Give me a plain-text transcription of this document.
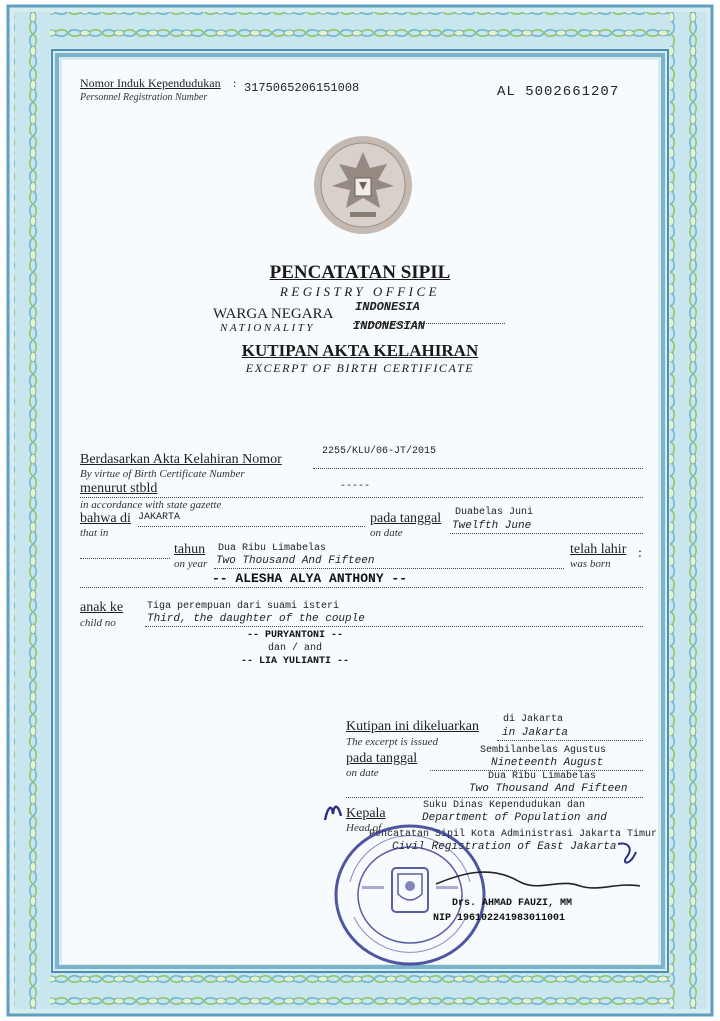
Nomor Induk Kependudukan :
Personnel Registration Number
3175065206151008	AL 5002661207
PENCATATAN SIPIL
REGISTRY OFFICE
WARGA NEGARA INDONESIA
NATIONALITY	INDONESIAN
KUTIPAN AKTA KELAHIRAN
EXCERPT OF BIRTH CERTIFICATE
Berdasarkan Akta Kelahiran Nomor
2255/KLU/06-JT/2015
By virtue of Birth Certificate Number
menurut stbld	-----
in accordance with state gazette
bahwa di JAKARTA
that in
pada tanggal
on date
Duabelas Juni
Twelfth June
tahun
on year
Dua Ribu Limabelas
Two Thousand And Fifteen
telah lahir
was born
:
-- ALESHA ALYA ANTHONY --
anak ke
child no
Tiga perempuan dari suami isteri
Third, the daughter of the couple
-- PURYANTONI --
dan / and
-- LIA YULIANTI --
Kutipan ini dikeluarkan
The excerpt is issued
di Jakarta
in Jakarta
pada tanggal
on date
Sembilanbelas Agustus
Nineteenth August
Dua Ribu Limabelas
Two Thousand And Fifteen
Kepala
Head of
Suku Dinas Kependudukan dan
Department of Population and
Pencatatan Sipil Kota Administrasi Jakarta Timur
Civil Registration of East Jakarta
Drs. AHMAD FAUZI, MM
NIP 196102241983011001
